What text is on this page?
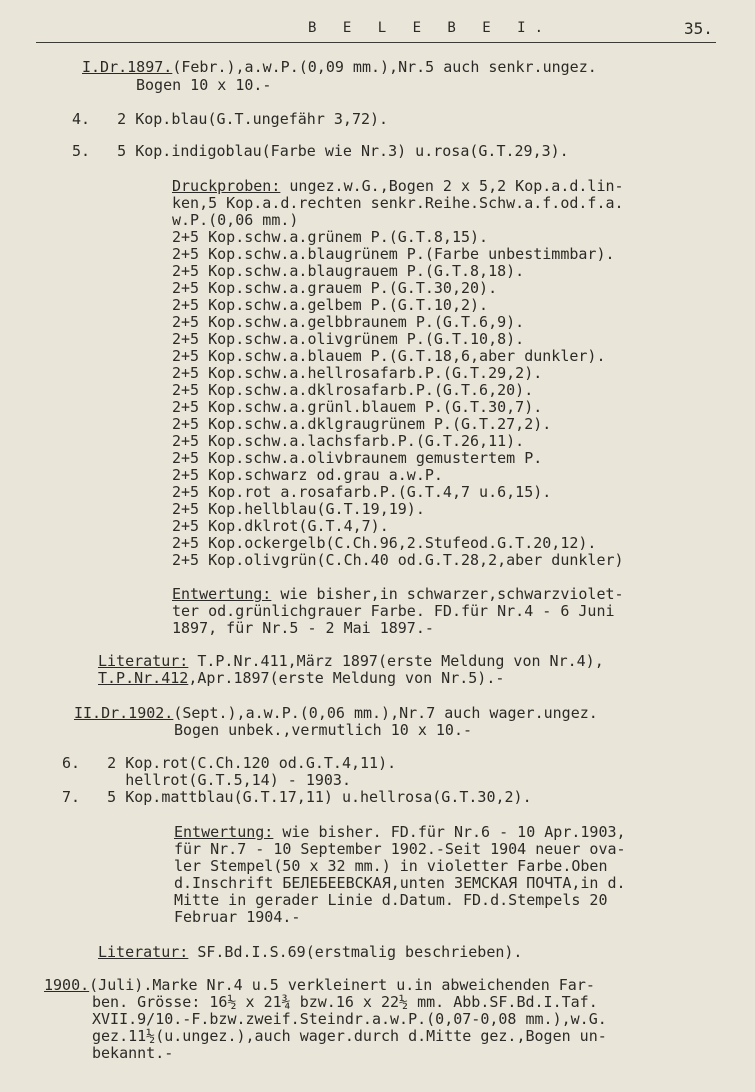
B E L E B E I.	35.
I.Dr.1897.(Febr.),a.w.P.(0,09 mm.),Nr.5 auch senkr.ungez.
Bogen 10 x 10.-
4.   2 Kop.blau(G.T.ungefähr 3,72).
5.   5 Kop.indigoblau(Farbe wie Nr.3) u.rosa(G.T.29,3).
Druckproben: ungez.w.G.,Bogen 2 x 5,2 Kop.a.d.lin-
ken,5 Kop.a.d.rechten senkr.Reihe.Schw.a.f.od.f.a.
w.P.(0,06 mm.)
2+5 Kop.schw.a.grünem P.(G.T.8,15).
2+5 Kop.schw.a.blaugrünem P.(Farbe unbestimmbar).
2+5 Kop.schw.a.blaugrauem P.(G.T.8,18).
2+5 Kop.schw.a.grauem P.(G.T.30,20).
2+5 Kop.schw.a.gelbem P.(G.T.10,2).
2+5 Kop.schw.a.gelbbraunem P.(G.T.6,9).
2+5 Kop.schw.a.olivgrünem P.(G.T.10,8).
2+5 Kop.schw.a.blauem P.(G.T.18,6,aber dunkler).
2+5 Kop.schw.a.hellrosafarb.P.(G.T.29,2).
2+5 Kop.schw.a.dklrosafarb.P.(G.T.6,20).
2+5 Kop.schw.a.grünl.blauem P.(G.T.30,7).
2+5 Kop.schw.a.dklgraugrünem P.(G.T.27,2).
2+5 Kop.schw.a.lachsfarb.P.(G.T.26,11).
2+5 Kop.schw.a.olivbraunem gemustertem P.
2+5 Kop.schwarz od.grau a.w.P.
2+5 Kop.rot a.rosafarb.P.(G.T.4,7 u.6,15).
2+5 Kop.hellblau(G.T.19,19).
2+5 Kop.dklrot(G.T.4,7).
2+5 Kop.ockergelb(C.Ch.96,2.Stufeod.G.T.20,12).
2+5 Kop.olivgrün(C.Ch.40 od.G.T.28,2,aber dunkler)
Entwertung: wie bisher,in schwarzer,schwarzviolet-
ter od.grünlichgrauer Farbe. FD.für Nr.4 - 6 Juni
1897, für Nr.5 - 2 Mai 1897.-
Literatur: T.P.Nr.411,März 1897(erste Meldung von Nr.4),
T.P.Nr.412,Apr.1897(erste Meldung von Nr.5).-
II.Dr.1902.(Sept.),a.w.P.(0,06 mm.),Nr.7 auch wager.ungez.
Bogen unbek.,vermutlich 10 x 10.-
6.   2 Kop.rot(C.Ch.120 od.G.T.4,11).
hellrot(G.T.5,14) - 1903.
7.   5 Kop.mattblau(G.T.17,11) u.hellrosa(G.T.30,2).
Entwertung: wie bisher. FD.für Nr.6 - 10 Apr.1903,
für Nr.7 - 10 September 1902.-Seit 1904 neuer ova-
ler Stempel(50 x 32 mm.) in violetter Farbe.Oben
d.Inschrift БЕЛЕБЕЕВСКАЯ,unten ЗЕМСКАЯ ПОЧТА,in d.
Mitte in gerader Linie d.Datum. FD.d.Stempels 20
Februar 1904.-
Literatur: SF.Bd.I.S.69(erstmalig beschrieben).
1900.(Juli).Marke Nr.4 u.5 verkleinert u.in abweichenden Far-
ben. Grösse: 16½ x 21¾ bzw.16 x 22½ mm. Abb.SF.Bd.I.Taf.
XVII.9/10.-F.bzw.zweif.Steindr.a.w.P.(0,07-0,08 mm.),w.G.
gez.11½(u.ungez.),auch wager.durch d.Mitte gez.,Bogen un-
bekannt.-
